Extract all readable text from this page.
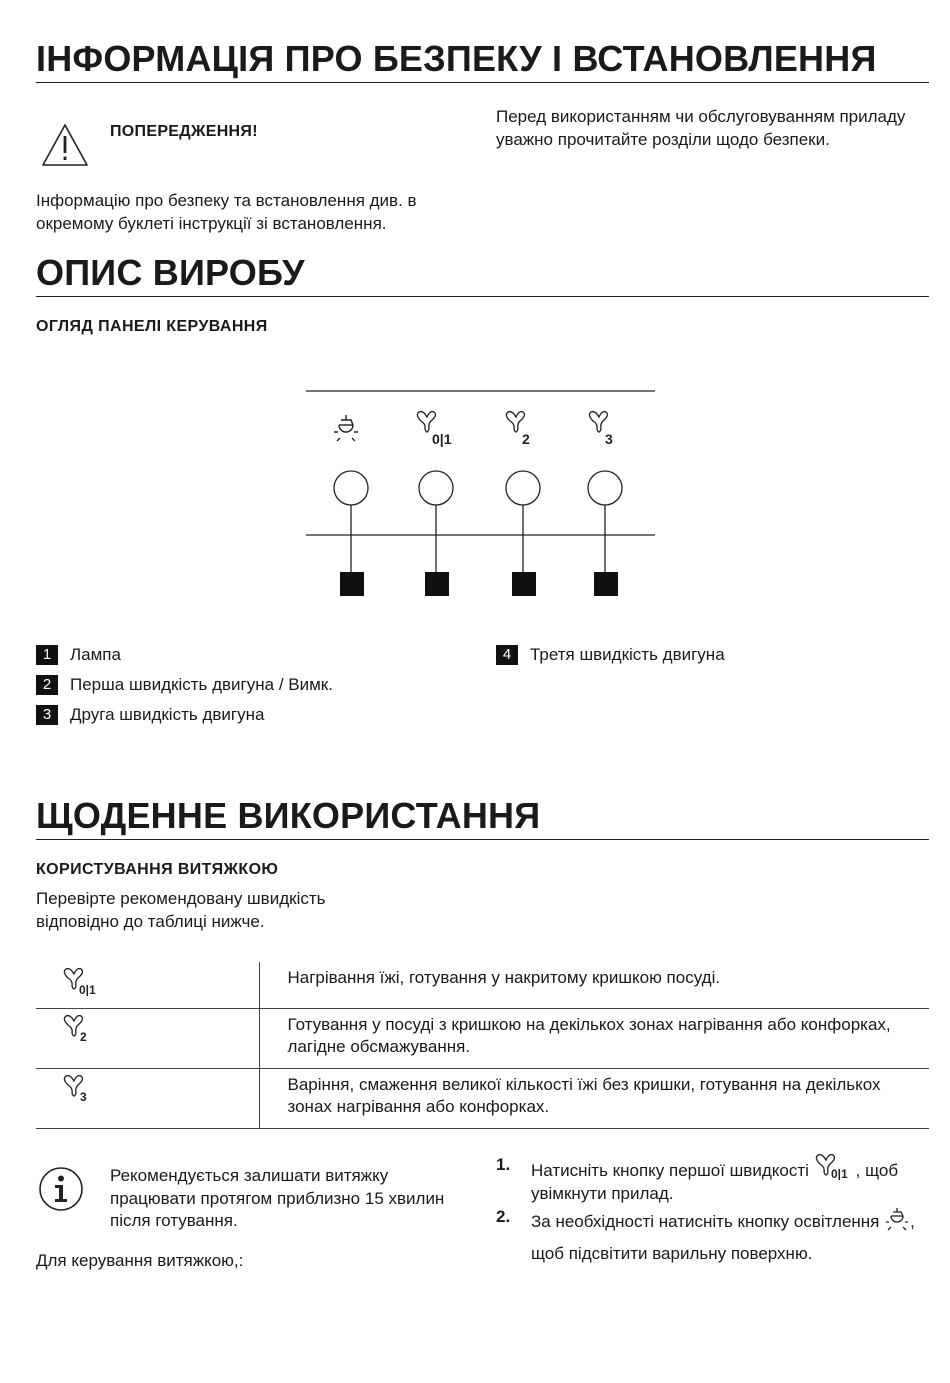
ІНФОРМАЦІЯ ПРО БЕЗПЕКУ І ВСТАНОВЛЕННЯ
ПОПЕРЕДЖЕННЯ!

Інформацію про безпеку та встановлення див. в окремому буклеті інструкції зі встановлення.

Перед використанням чи обслуговуванням приладу уважно прочитайте розділи щодо безпеки.

ОПИС ВИРОБУ
ОГЛЯД ПАНЕЛІ КЕРУВАННЯ
0|1	2	3
1	Лампа
2	Перша швидкість двигуна / Вимк.
3	Друга швидкість двигуна
4	Третя швидкість двигуна
ЩОДЕННЕ ВИКОРИСТАННЯ
КОРИСТУВАННЯ ВИТЯЖКОЮ

Перевірте рекомендовану швидкість відповідно до таблиці нижче.

0|1	Нагрівання їжі, готування у накритому кришкою посуді.

2	Готування у посуді з кришкою на декількох зонах нагрівання або конфорках, лагідне обсмажування.

3	Варіння, смаження великої кількості їжі без кришки, готування на декількох зонах нагрівання або конфорках.

Рекомендується залишати витяжку працювати протягом приблизно 15 хвилин після готування.

Для керування витяжкою,:

1.	Натисніть кнопку першої швидкості 0|1 , щоб увімкнути прилад.
2.	За необхідності натисніть кнопку освітлення , щоб підсвітити варильну поверхню.
